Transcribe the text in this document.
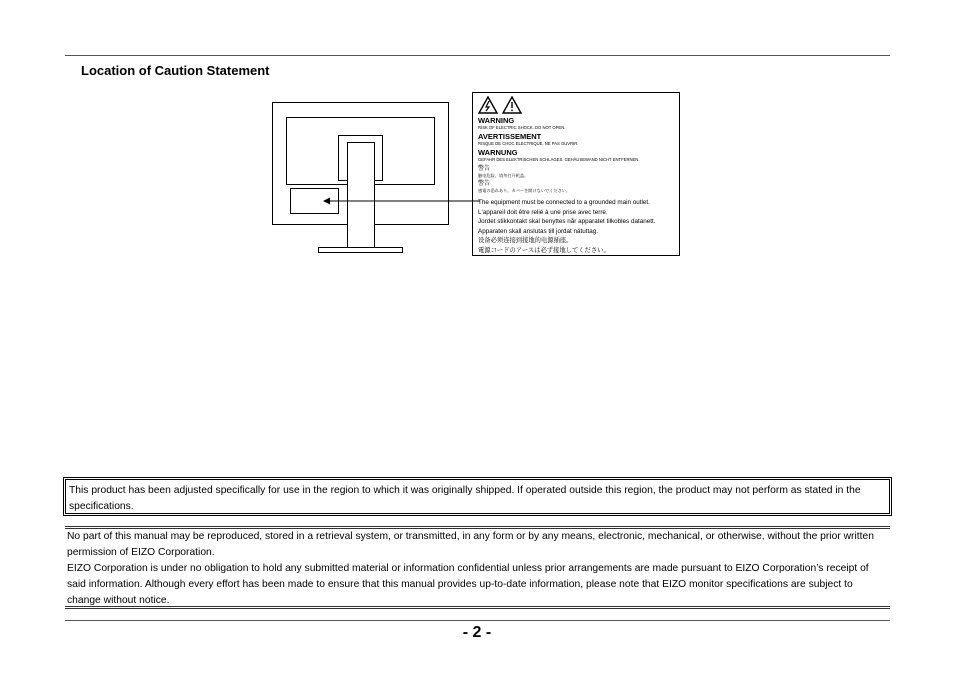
Location of Caution Statement
WARNING
RISK OF ELECTRIC SHOCK. DO NOT OPEN.
AVERTISSEMENT
RISQUE DE CHOC ELECTRIQUE. NE PAS OUVRIR.
WARNUNG
GEFAHR DES ELEKTRISCHEN SCHLAGES. GEHÄUSEWAND NICHT ENTFERNEN.
警告
触电危险，请勿打开机盖。
警告
感電の恐れあり。カバーを開けないでください。
The equipment must be connected to a grounded main outlet.
L'appareil doit être relié à une prise avec terre.
Jordet stikkontakt skal benyttes når apparatet tilkobles datanett.
Apparaten skall anslutas till jordat nätuttag.
设备必须连接到接地的电源插座。
電源コードのアースは必ず接地してください。
This product has been adjusted specifically for use in the region to which it was originally shipped. If operated outside this region, the product may not perform as stated in the specifications.

No part of this manual may be reproduced, stored in a retrieval system, or transmitted, in any form or by any means, electronic, mechanical, or otherwise, without the prior written permission of EIZO Corporation.

EIZO Corporation is under no obligation to hold any submitted material or information confidential unless prior arrangements are made pursuant to EIZO Corporation’s receipt of said information. Although every effort has been made to ensure that this manual provides up-to-date information, please note that EIZO monitor specifications are subject to change without notice.

- 2 -
